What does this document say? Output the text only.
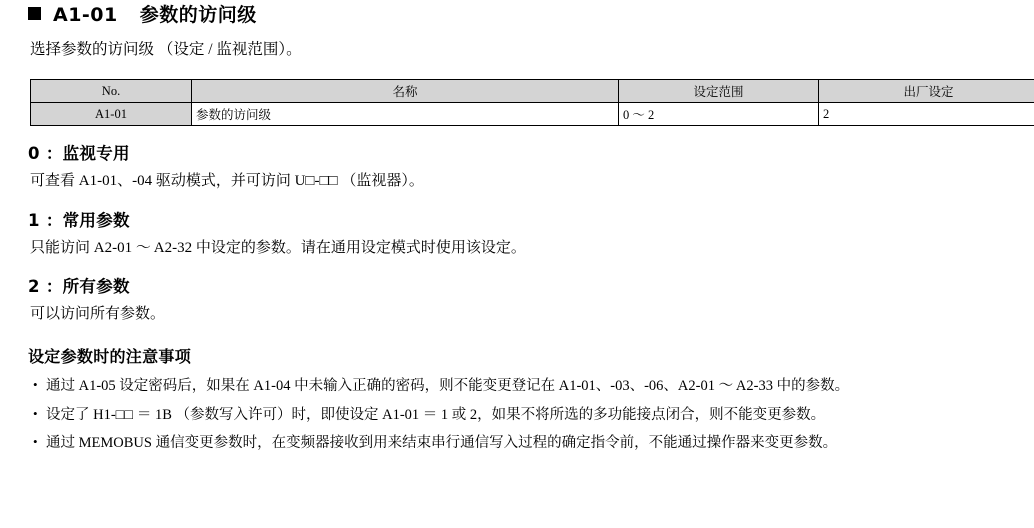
A1-01 参数的访问级

选择参数的访问级 （设定 / 监视范围）。

No.	名称	设定范围	出厂设定
A1-01	参数的访问级	0 ～ 2	2
0 ：监视专用

可查看 A1-01、-04 驱动模式，并可访问 U□-□□ （监视器）。

1 ：常用参数

只能访问 A2-01 ～ A2-32 中设定的参数。请在通用设定模式时使用该设定。

2 ：所有参数

可以访问所有参数。

设定参数时的注意事项
• 通过 A1-05 设定密码后，如果在 A1-04 中未输入正确的密码，则不能变更登记在 A1-01、-03、-06、A2-01 ～ A2-33 中的参数。
• 设定了 H1-□□ ＝ 1B （参数写入许可）时，即使设定 A1-01 ＝ 1 或 2，如果不将所选的多功能接点闭合，则不能变更参数。
• 通过 MEMOBUS 通信变更参数时，在变频器接收到用来结束串行通信写入过程的确定指令前，不能通过操作器来变更参数。
